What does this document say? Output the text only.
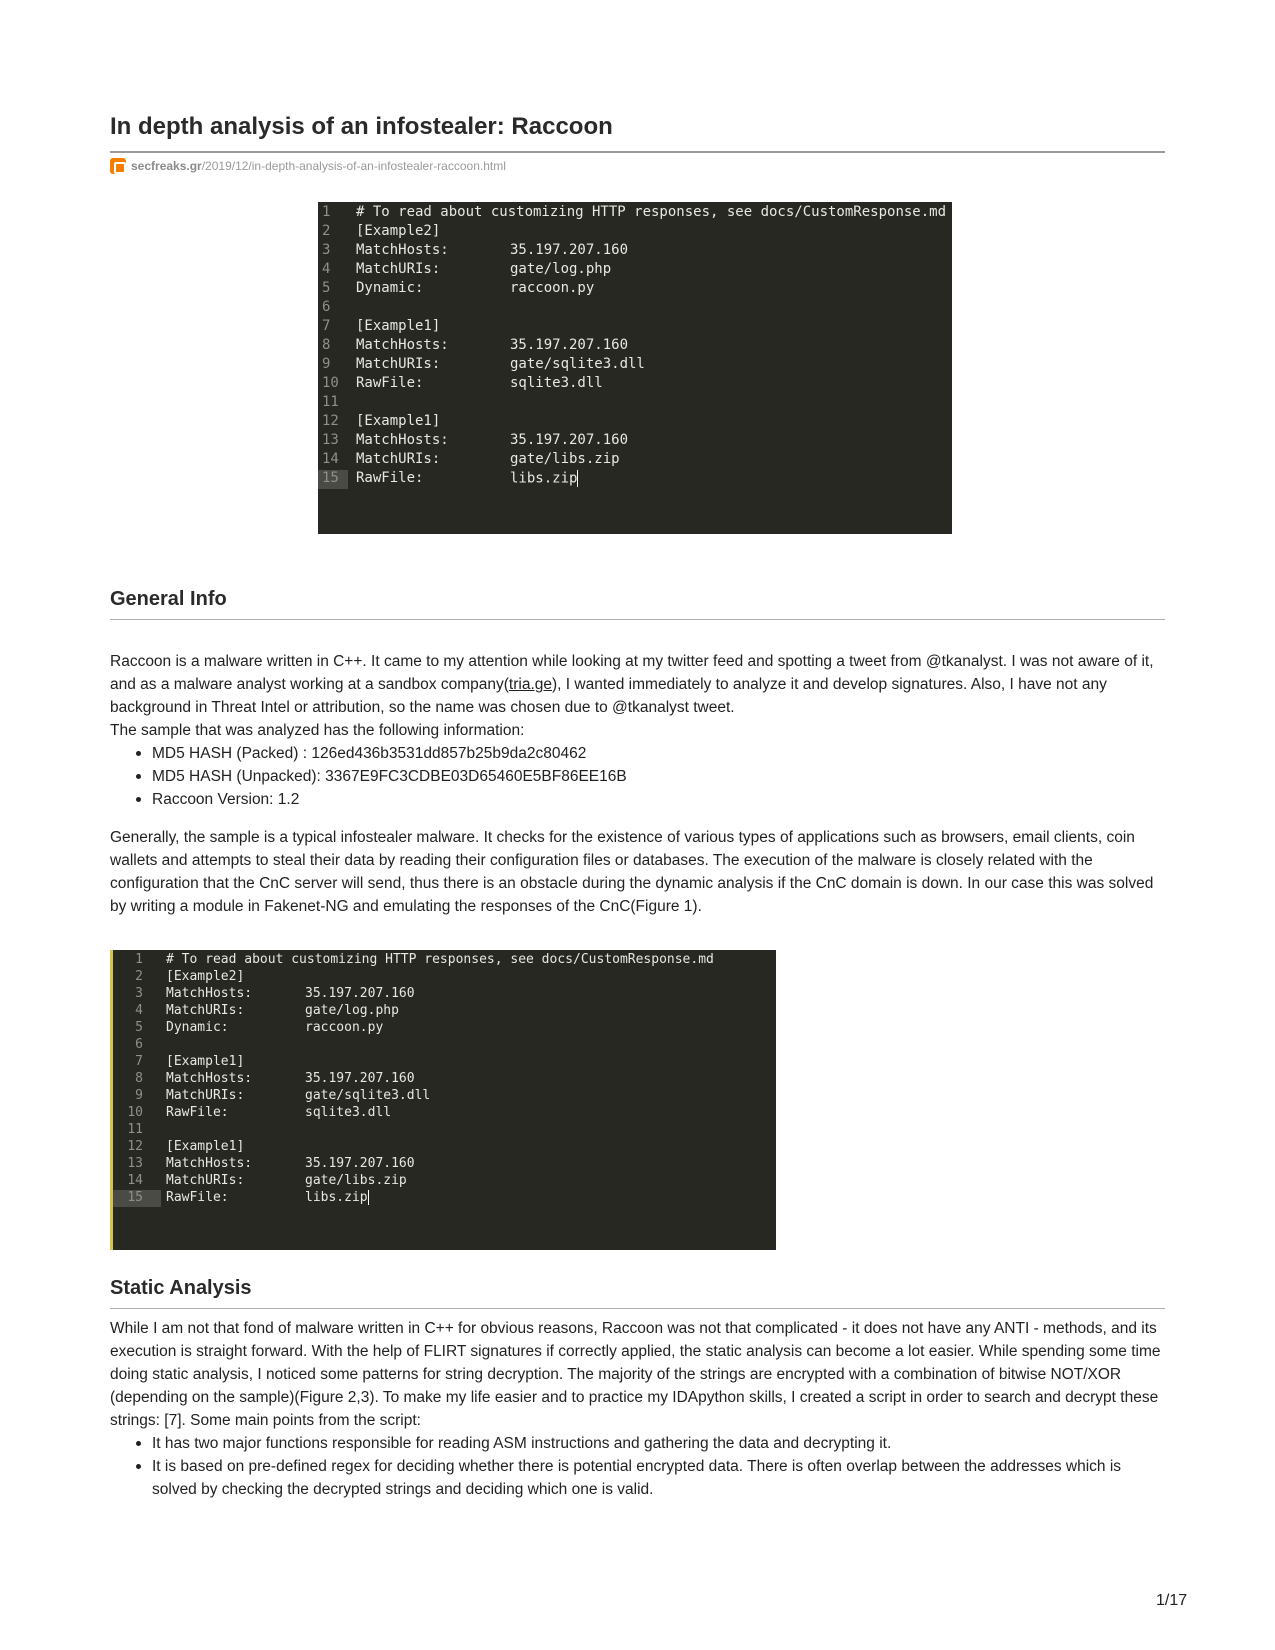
In depth analysis of an infostealer: Raccoon
secfreaks.gr /2019/12/in-depth-analysis-of-an-infostealer-raccoon.html
1 # To read about customizing HTTP responses, see docs/CustomResponse.md
2 [Example2]
3 MatchHosts:	35.197.207.160
4 MatchURIs:	gate/log.php
5 Dynamic:	raccoon.py
6
7 [Example1]
8 MatchHosts:	35.197.207.160
9 MatchURIs:	gate/sqlite3.dll
10 RawFile:	sqlite3.dll
11
12 [Example1]
13 MatchHosts:	35.197.207.160
14 MatchURIs:	gate/libs.zip
15 RawFile:	libs.zip
General Info
Raccoon is a malware written in C++. It came to my attention while looking at my twitter feed and spotting a tweet from @tkanalyst. I was not aware of it, and as a malware analyst working at a sandbox company(tria.ge), I wanted immediately to analyze it and develop signatures. Also, I have not any background in Threat Intel or attribution, so the name was chosen due to @tkanalyst tweet.
The sample that was analyzed has the following information:
MD5 HASH (Packed) : 126ed436b3531dd857b25b9da2c80462
MD5 HASH (Unpacked): 3367E9FC3CDBE03D65460E5BF86EE16B
Raccoon Version: 1.2
Generally, the sample is a typical infostealer malware. It checks for the existence of various types of applications such as browsers, email clients, coin wallets and attempts to steal their data by reading their configuration files or databases. The execution of the malware is closely related with the configuration that the CnC server will send, thus there is an obstacle during the dynamic analysis if the CnC domain is down. In our case this was solved by writing a module in Fakenet-NG and emulating the responses of the CnC(Figure 1).
Static Analysis
While I am not that fond of malware written in C++ for obvious reasons, Raccoon was not that complicated - it does not have any ANTI - methods, and its execution is straight forward. With the help of FLIRT signatures if correctly applied, the static analysis can become a lot easier. While spending some time doing static analysis, I noticed some patterns for string decryption. The majority of the strings are encrypted with a combination of bitwise NOT/XOR (depending on the sample)(Figure 2,3). To make my life easier and to practice my IDApython skills, I created a script in order to search and decrypt these strings: [7]. Some main points from the script:
It has two major functions responsible for reading ASM instructions and gathering the data and decrypting it.
It is based on pre-defined regex for deciding whether there is potential encrypted data. There is often overlap between the addresses which is solved by checking the decrypted strings and deciding which one is valid.
1 # To read about customizing HTTP responses, see docs/CustomResponse.md
2 [Example2]
3 MatchHosts:	35.197.207.160
4 MatchURIs:	gate/log.php
5 Dynamic:	raccoon.py
6
7 [Example1]
8 MatchHosts:	35.197.207.160
9 MatchURIs:	gate/sqlite3.dll
10 RawFile:	sqlite3.dll
11
12 [Example1]
13 MatchHosts:	35.197.207.160
14 MatchURIs:	gate/libs.zip
15 RawFile:	libs.zip
1/17
